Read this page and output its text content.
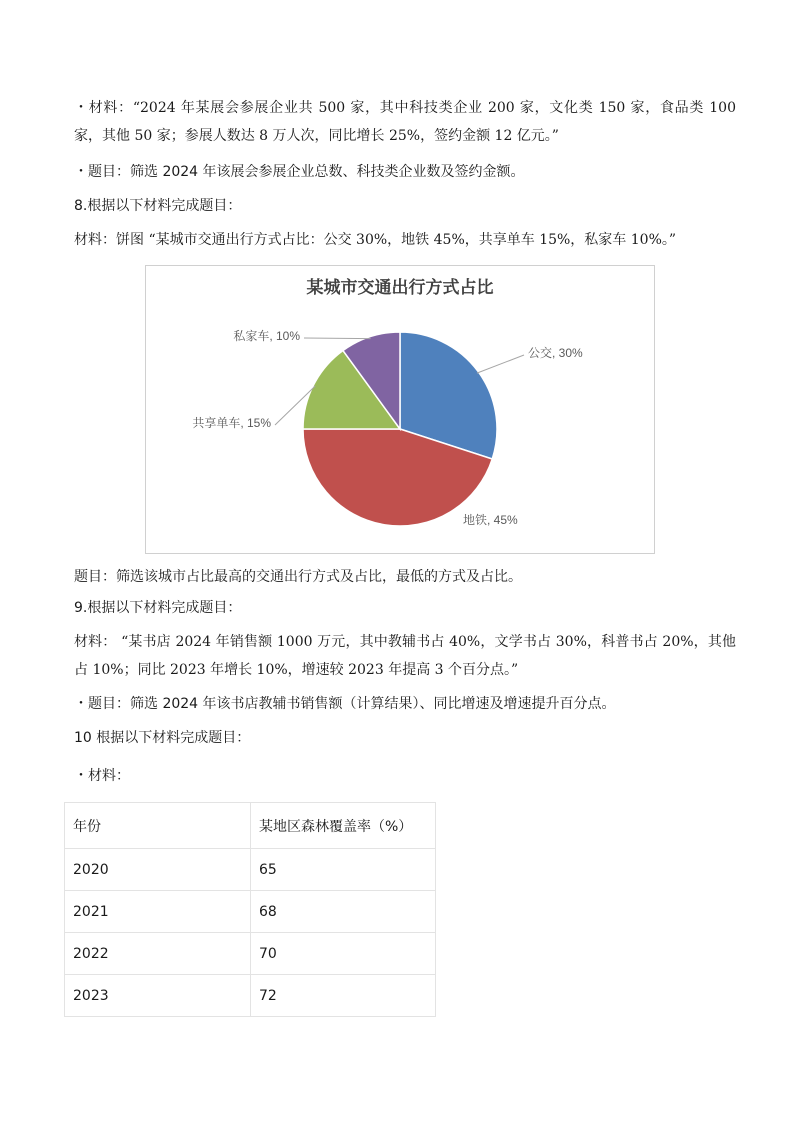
・材料：“2024 年某展会参展企业共 500 家，其中科技类企业 200 家，文化类 150 家，食品类 100 家，其他 50 家；参展人数达 8 万人次，同比增长 25%，签约金额 12 亿元。”
・题目：筛选 2024 年该展会参展企业总数、科技类企业数及签约金额。
8.根据以下材料完成题目：
材料：饼图 “某城市交通出行方式占比：公交 30%，地铁 45%，共享单车 15%，私家车 10%。”
某城市交通出行方式占比
公交, 30%
地铁, 45%
共享单车, 15%
私家车, 10%
题目：筛选该城市占比最高的交通出行方式及占比，最低的方式及占比。
9.根据以下材料完成题目：
材料： “某书店 2024 年销售额 1000 万元，其中教辅书占 40%，文学书占 30%，科普书占 20%，其他占 10%；同比 2023 年增长 10%，增速较 2023 年提高 3 个百分点。”
・题目：筛选 2024 年该书店教辅书销售额（计算结果）、同比增速及增速提升百分点。
10 根据以下材料完成题目：
・材料：
年份	某地区森林覆盖率（%）
2020	65
2021	68
2022	70
2023	72
